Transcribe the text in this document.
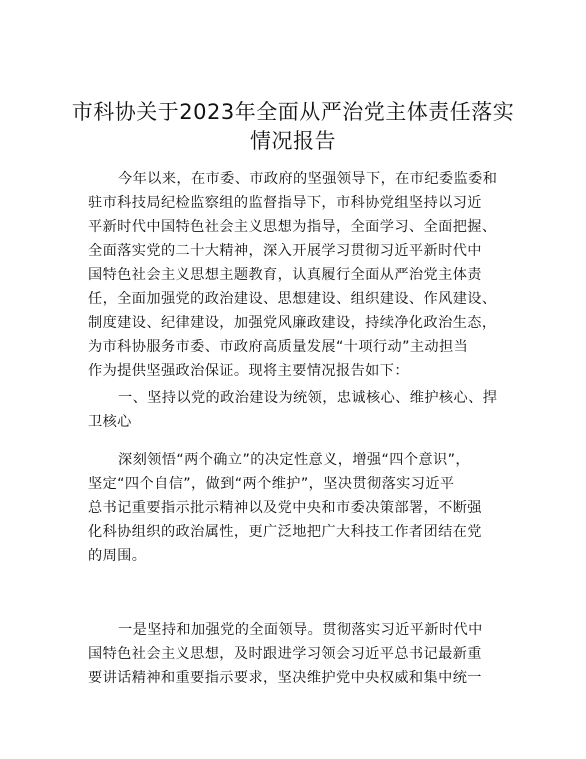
市科协关于2023年全面从严治党主体责任落实
情况报告
今年以来，在市委、市政府的坚强领导下，在市纪委监委和
驻市科技局纪检监察组的监督指导下，市科协党组坚持以习近
平新时代中国特色社会主义思想为指导，全面学习、全面把握、
全面落实党的二十大精神，深入开展学习贯彻习近平新时代中
国特色社会主义思想主题教育，认真履行全面从严治党主体责
任，全面加强党的政治建设、思想建设、组织建设、作风建设、
制度建设、纪律建设，加强党风廉政建设，持续净化政治生态，
为市科协服务市委、市政府高质量发展“十项行动”主动担当
作为提供坚强政治保证。现将主要情况报告如下：
一、坚持以党的政治建设为统领，忠诚核心、维护核心、捍
卫核心
深刻领悟“两个确立”的决定性意义，增强“四个意识”，
坚定“四个自信”，做到“两个维护”，坚决贯彻落实习近平
总书记重要指示批示精神以及党中央和市委决策部署，不断强
化科协组织的政治属性，更广泛地把广大科技工作者团结在党
的周围。
一是坚持和加强党的全面领导。贯彻落实习近平新时代中
国特色社会主义思想，及时跟进学习领会习近平总书记最新重
要讲话精神和重要指示要求，坚决维护党中央权威和集中统一
